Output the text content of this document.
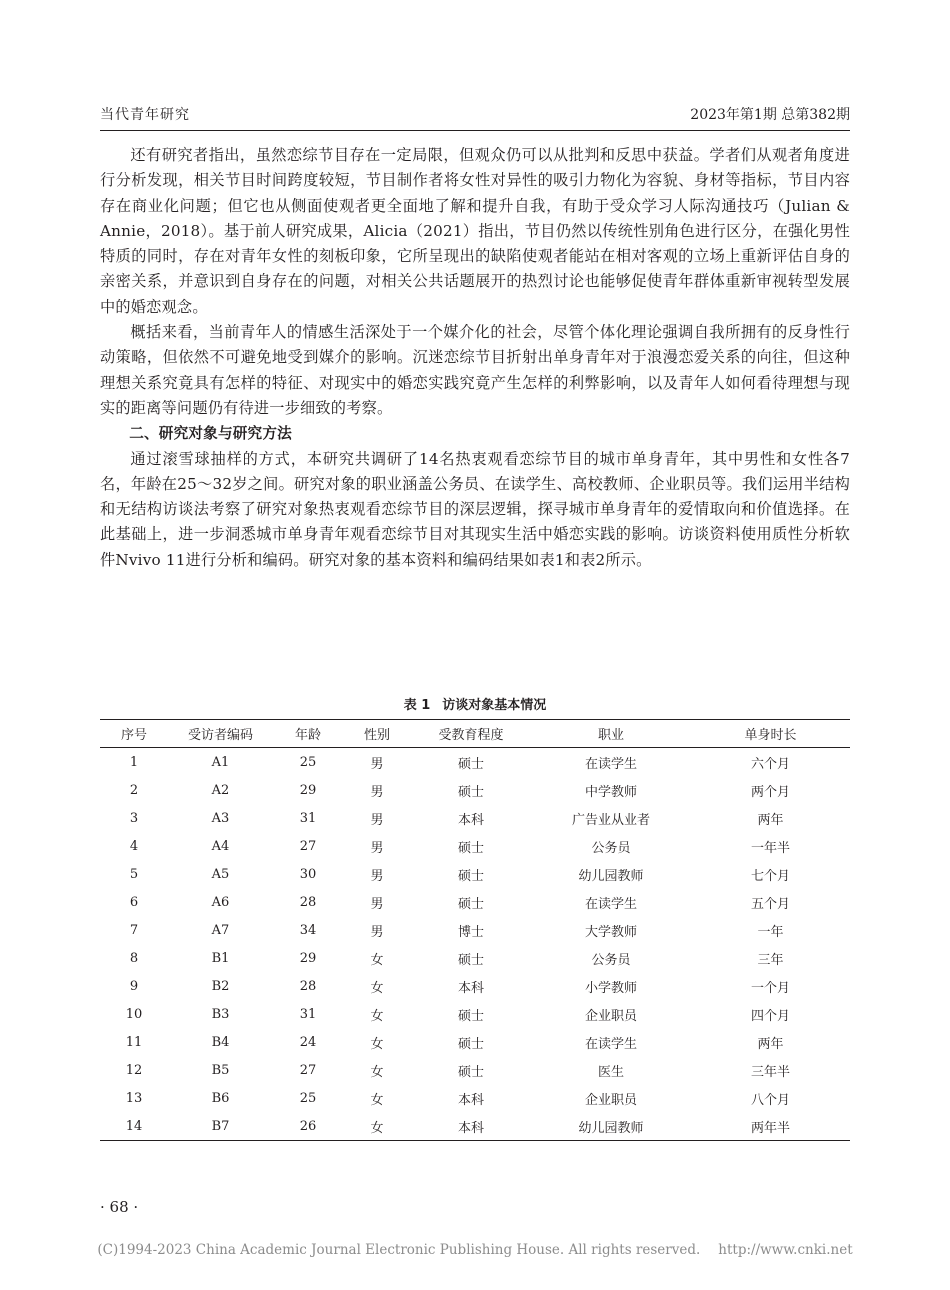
当代青年研究	2023年第1期 总第382期

还有研究者指出，虽然恋综节目存在一定局限，但观众仍可以从批判和反思中获益。学者们从观者角度进行分析发现，相关节目时间跨度较短，节目制作者将女性对异性的吸引力物化为容貌、身材等指标，节目内容存在商业化问题；但它也从侧面使观者更全面地了解和提升自我，有助于受众学习人际沟通技巧（Julian & Annie，2018）。基于前人研究成果，Alicia（2021）指出，节目仍然以传统性别角色进行区分，在强化男性特质的同时，存在对青年女性的刻板印象，它所呈现出的缺陷使观者能站在相对客观的立场上重新评估自身的亲密关系，并意识到自身存在的问题，对相关公共话题展开的热烈讨论也能够促使青年群体重新审视转型发展中的婚恋观念。

概括来看，当前青年人的情感生活深处于一个媒介化的社会，尽管个体化理论强调自我所拥有的反身性行动策略，但依然不可避免地受到媒介的影响。沉迷恋综节目折射出单身青年对于浪漫恋爱关系的向往，但这种理想关系究竟具有怎样的特征、对现实中的婚恋实践究竟产生怎样的利弊影响，以及青年人如何看待理想与现实的距离等问题仍有待进一步细致的考察。

二、研究对象与研究方法

通过滚雪球抽样的方式，本研究共调研了14名热衷观看恋综节目的城市单身青年，其中男性和女性各7名，年龄在25～32岁之间。研究对象的职业涵盖公务员、在读学生、高校教师、企业职员等。我们运用半结构和无结构访谈法考察了研究对象热衷观看恋综节目的深层逻辑，探寻城市单身青年的爱情取向和价值选择。在此基础上，进一步洞悉城市单身青年观看恋综节目对其现实生活中婚恋实践的影响。访谈资料使用质性分析软件Nvivo 11进行分析和编码。研究对象的基本资料和编码结果如表1和表2所示。

表 1 访谈对象基本情况
序号	受访者编码	年龄	性别	受教育程度	职业	单身时长
1	A1	25	男	硕士	在读学生	六个月
2	A2	29	男	硕士	中学教师	两个月
3	A3	31	男	本科	广告业从业者	两年
4	A4	27	男	硕士	公务员	一年半
5	A5	30	男	硕士	幼儿园教师	七个月
6	A6	28	男	硕士	在读学生	五个月
7	A7	34	男	博士	大学教师	一年
8	B1	29	女	硕士	公务员	三年
9	B2	28	女	本科	小学教师	一个月
10	B3	31	女	硕士	企业职员	四个月
11	B4	24	女	硕士	在读学生	两年
12	B5	27	女	硕士	医生	三年半
13	B6	25	女	本科	企业职员	八个月
14	B7	26	女	本科	幼儿园教师	两年半
· 68 ·
(C)1994-2023 China Academic Journal Electronic Publishing House. All rights reserved. http://www.cnki.net
